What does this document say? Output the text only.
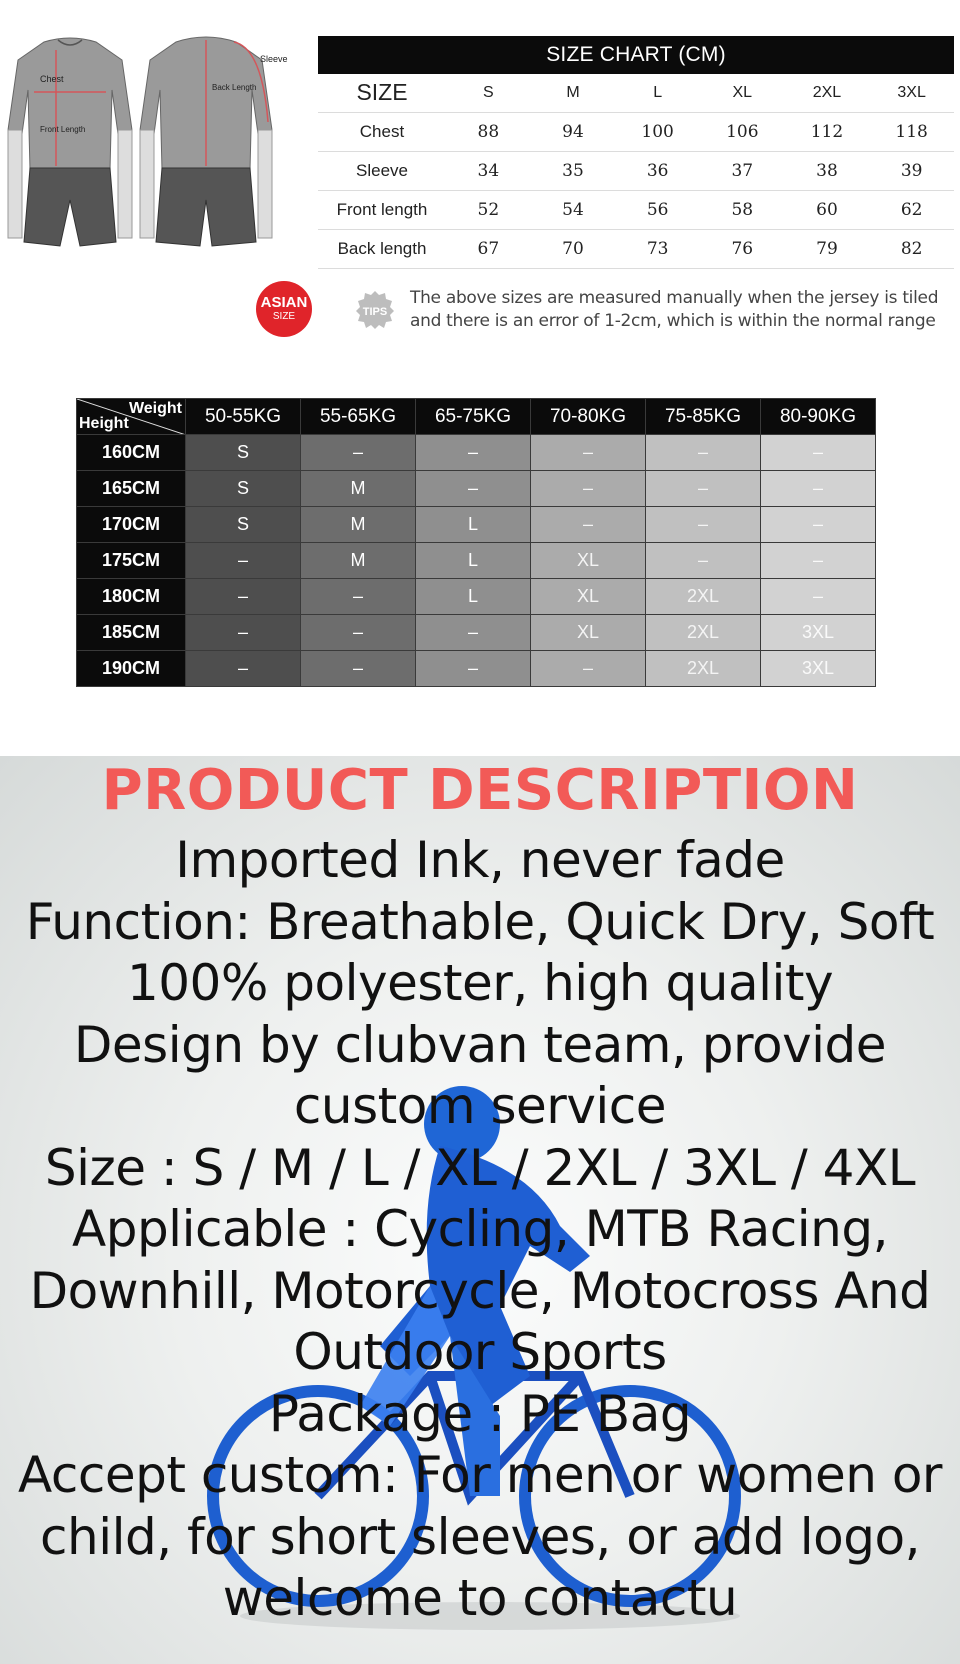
Chest
Front Length
Sleeve
Back Length
SIZE CHART (CM)						
SIZE	S	M	L	XL	2XL	3XL
Chest	88	94	100	106	112	118
Sleeve	34	35	36	37	38	39
Front length	52	54	56	58	60	62
Back length	67	70	73	76	79	82
ASIAN
SIZE	TIPS
The above sizes are measured manually when the jersey is tiled and there is an error of 1-2cm, which is within the normal range
Weight
Height	50-55KG	55-65KG	65-75KG	70-80KG	75-85KG	80-90KG
160CM	S	–	–	–	–	–
165CM	S	M	–	–	–	–
170CM	S	M	L	–	–	–
175CM	–	M	L	XL	–	–
180CM	–	–	L	XL	2XL	–
185CM	–	–	–	XL	2XL	3XL
190CM	–	–	–	–	2XL	3XL
PRODUCT DESCRIPTION

Imported Ink, never fade

Function: Breathable, Quick Dry, Soft

100% polyester, high quality

Design by clubvan team, provide

custom service

Size : S / M / L / XL / 2XL / 3XL / 4XL

Applicable : Cycling, MTB Racing,

Downhill, Motorcycle, Motocross And

Outdoor Sports

Package : PE Bag

Accept custom: For men or women or

child, for short sleeves, or add logo,

welcome to contactu
